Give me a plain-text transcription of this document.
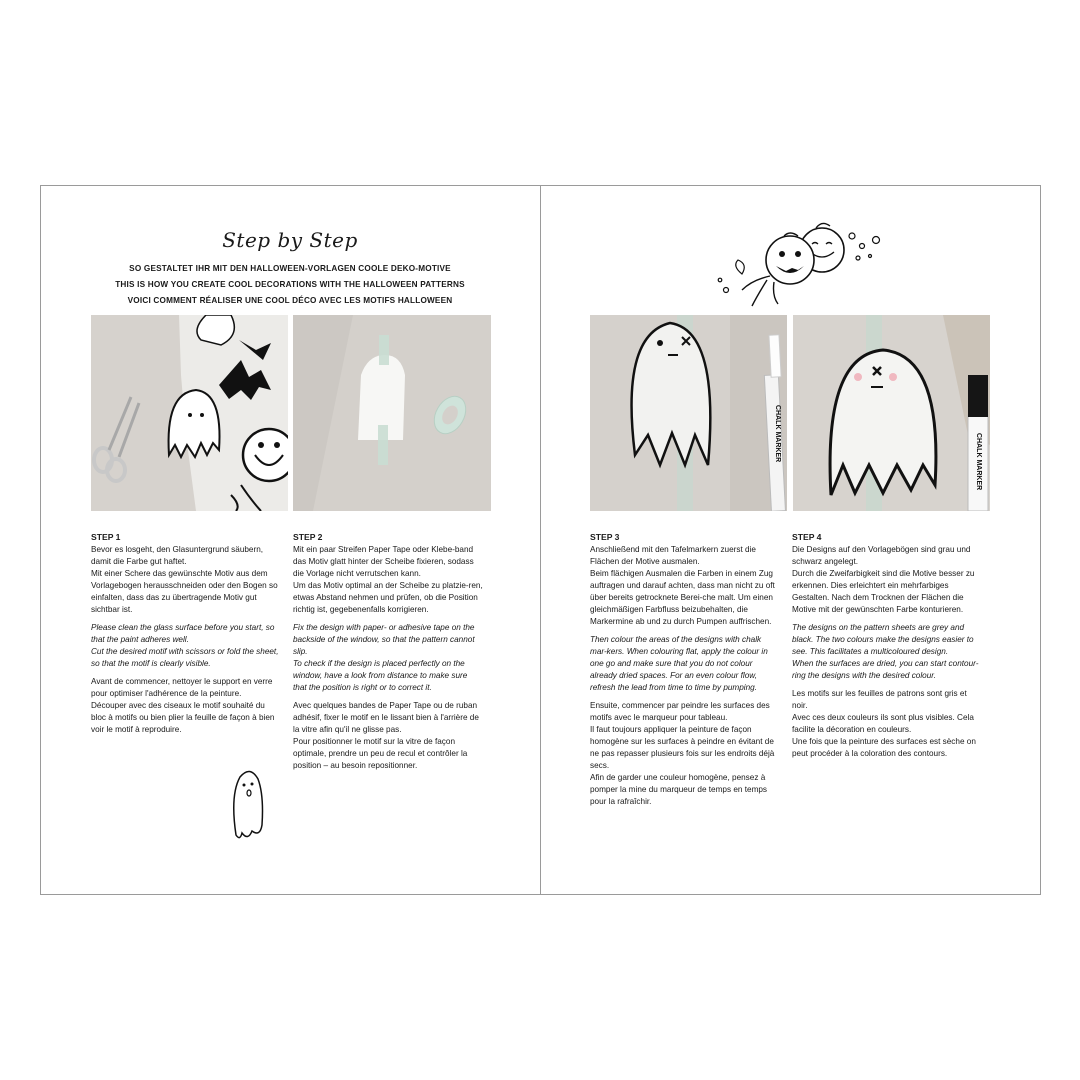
Step by Step
SO GESTALTET IHR MIT DEN HALLOWEEN-VORLAGEN COOLE DEKO-MOTIVE
THIS IS HOW YOU CREATE COOL DECORATIONS WITH THE HALLOWEEN PATTERNS
VOICI COMMENT RÉALISER UNE COOL DÉCO AVEC LES MOTIFS HALLOWEEN
CHALK MARKER	CHALK MARKER
STEP 1

Bevor es losgeht, den Glasuntergrund säubern, damit die Farbe gut haftet.
Mit einer Schere das gewünschte Motiv aus dem Vorlagebogen herausschneiden oder den Bogen so einfalten, dass das zu übertragende Motiv gut sichtbar ist.

Please clean the glass surface before you start, so that the paint adheres well.
Cut the desired motif with scissors or fold the sheet, so that the motif is clearly visible.

Avant de commencer, nettoyer le support en verre pour optimiser l'adhérence de la peinture.
Découper avec des ciseaux le motif souhaité du bloc à motifs ou bien plier la feuille de façon à bien voir le motif à reproduire.

STEP 2

Mit ein paar Streifen Paper Tape oder Klebe-band das Motiv glatt hinter der Scheibe fixieren, sodass die Vorlage nicht verrutschen kann.
Um das Motiv optimal an der Scheibe zu platzie-ren, etwas Abstand nehmen und prüfen, ob die Position richtig ist, gegebenenfalls korrigieren.

Fix the design with paper- or adhesive tape on the backside of the window, so that the pattern cannot slip.
To check if the design is placed perfectly on the window, have a look from distance to make sure that the position is right or to correct it.

Avec quelques bandes de Paper Tape ou de ruban adhésif, fixer le motif en le lissant bien à l'arrière de la vitre afin qu'il ne glisse pas.
Pour positionner le motif sur la vitre de façon optimale, prendre un peu de recul et contrôler la position – au besoin repositionner.

STEP 3

Anschließend mit den Tafelmarkern zuerst die Flächen der Motive ausmalen.
Beim flächigen Ausmalen die Farben in einem Zug auftragen und darauf achten, dass man nicht zu oft über bereits getrocknete Berei-che malt. Um einen gleichmäßigen Farbfluss beizubehalten, die Markermine ab und zu durch Pumpen auffrischen.

Then colour the areas of the designs with chalk mar-kers. When colouring flat, apply the colour in one go and make sure that you do not colour already dried spaces. For an even colour flow, refresh the lead from time to time by pumping.

Ensuite, commencer par peindre les surfaces des motifs avec le marqueur pour tableau.
Il faut toujours appliquer la peinture de façon homogène sur les surfaces à peindre en évitant de ne pas repasser plusieurs fois sur les endroits déjà secs.
Afin de garder une couleur homogène, pensez à pomper la mine du marqueur de temps en temps pour la rafraîchir.

STEP 4

Die Designs auf den Vorlagebögen sind grau und schwarz angelegt.
Durch die Zweifarbigkeit sind die Motive besser zu erkennen. Dies erleichtert ein mehrfarbiges Gestalten. Nach dem Trocknen der Flächen die Motive mit der gewünschten Farbe konturieren.

The designs on the pattern sheets are grey and black. The two colours make the designs easier to see. This facilitates a multicoloured design.
When the surfaces are dried, you can start contour-ring the designs with the desired colour.

Les motifs sur les feuilles de patrons sont gris et noir.
Avec ces deux couleurs ils sont plus visibles. Cela facilite la décoration en couleurs.
Une fois que la peinture des surfaces est sèche on peut procéder à la coloration des contours.
